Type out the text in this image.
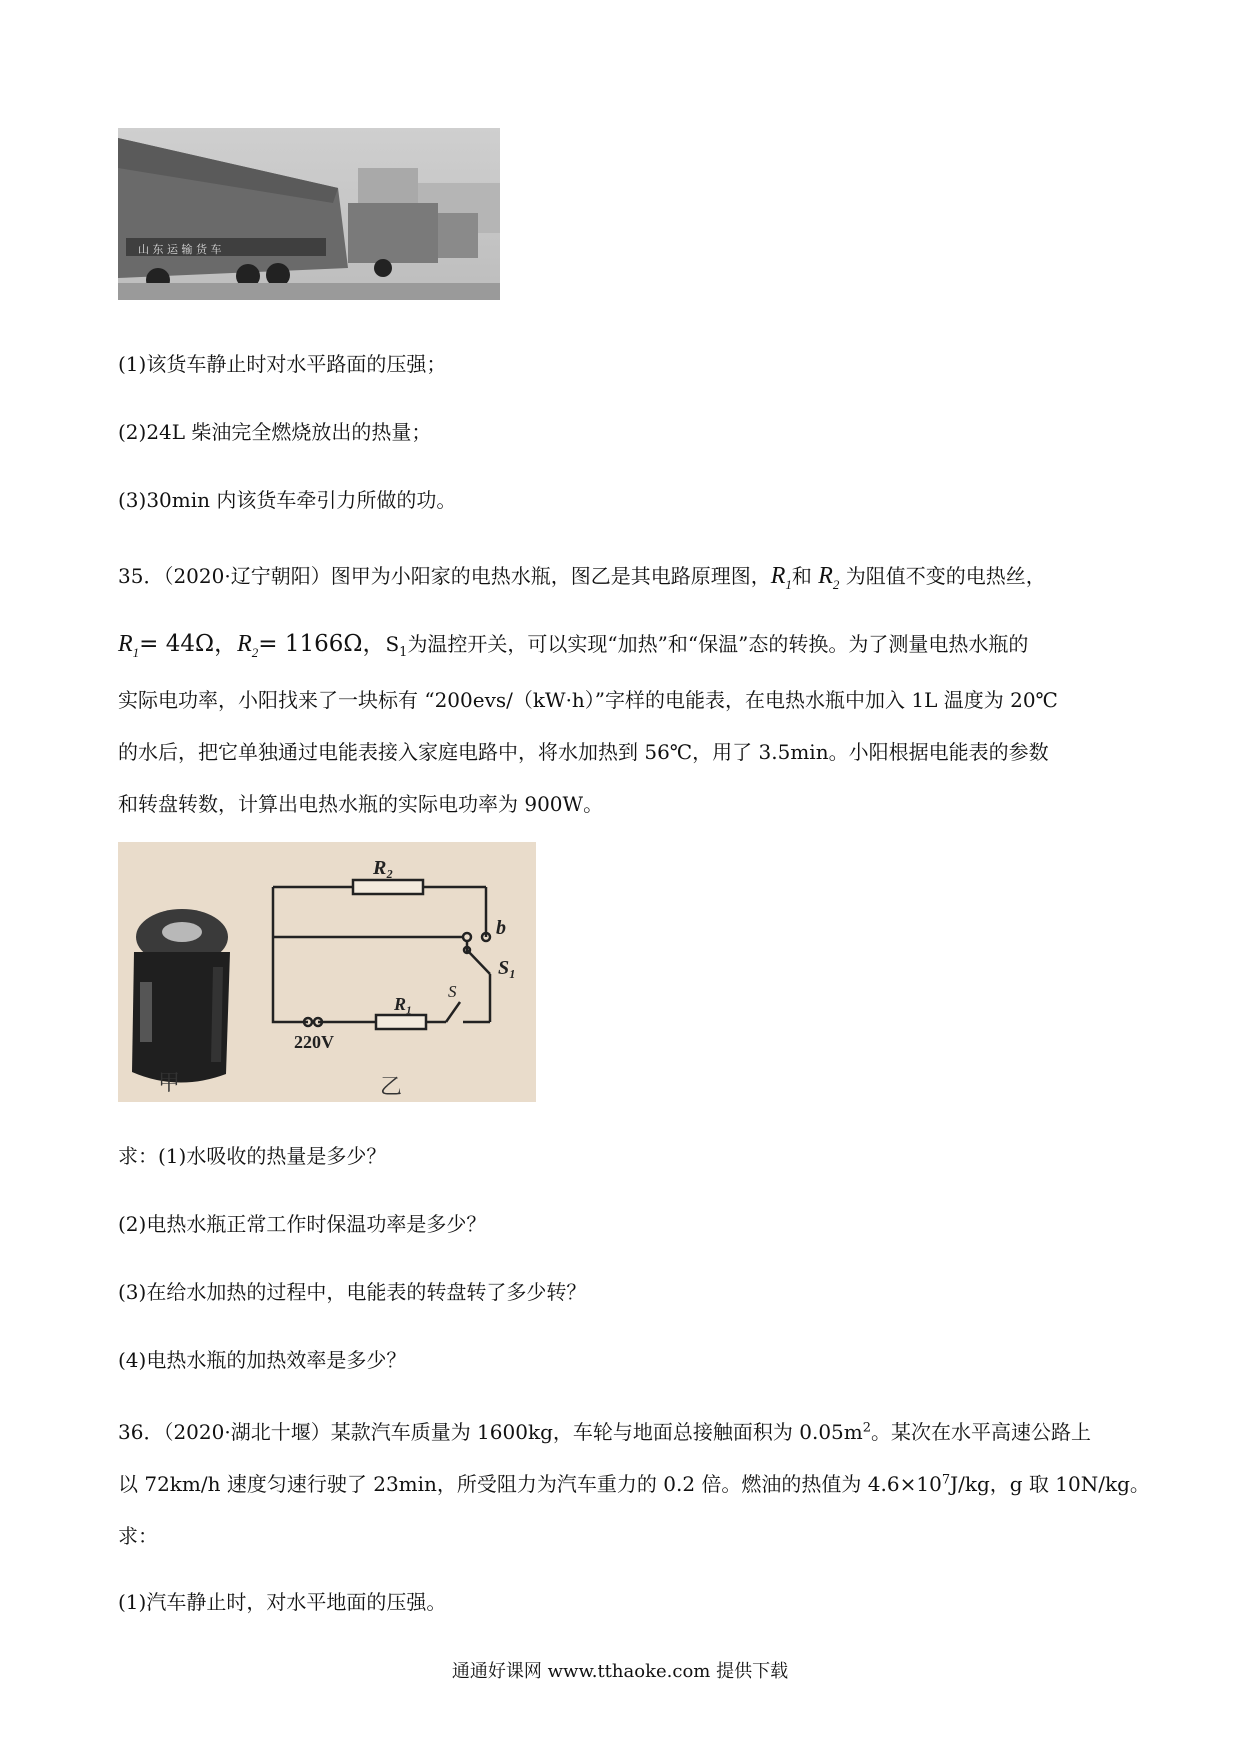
山 东 运 输 货 车
(1)该货车静止时对水平路面的压强；
(2)24L 柴油完全燃烧放出的热量；
(3)30min 内该货车牵引力所做的功。
35．（2020·辽宁朝阳）图甲为小阳家的电热水瓶，图乙是其电路原理图，$R_1$和 $R_2$ 为阻值不变的电热丝，
$R_1= 44\Omega$，$R_2= 1166\Omega$，$S_1$为温控开关，可以实现“加热”和“保温”态的转换。为了测量电热水瓶的
实际电功率，小阳找来了一块标有 “200evs/（kW·h）”字样的电能表，在电热水瓶中加入 1L 温度为 20℃
的水后，把它单独通过电能表接入家庭电路中，将水加热到 56℃，用了 3.5min。小阳根据电能表的参数
和转盘转数，计算出电热水瓶的实际电功率为 900W。
R₂
b
S₁
R₁
S
220V
甲	乙
求：(1)水吸收的热量是多少？
(2)电热水瓶正常工作时保温功率是多少？
(3)在给水加热的过程中，电能表的转盘转了多少转？
(4)电热水瓶的加热效率是多少？
36．（2020·湖北十堰）某款汽车质量为 1600kg，车轮与地面总接触面积为 $0.05m^2$。某次在水平高速公路上
以 72km/h 速度匀速行驶了 23min，所受阻力为汽车重力的 0.2 倍。燃油的热值为 $4.6\times 10^7J/kg$，g 取 10N/kg。
求：
(1)汽车静止时，对水平地面的压强。
通通好课网 www.tthaoke.com 提供下载
